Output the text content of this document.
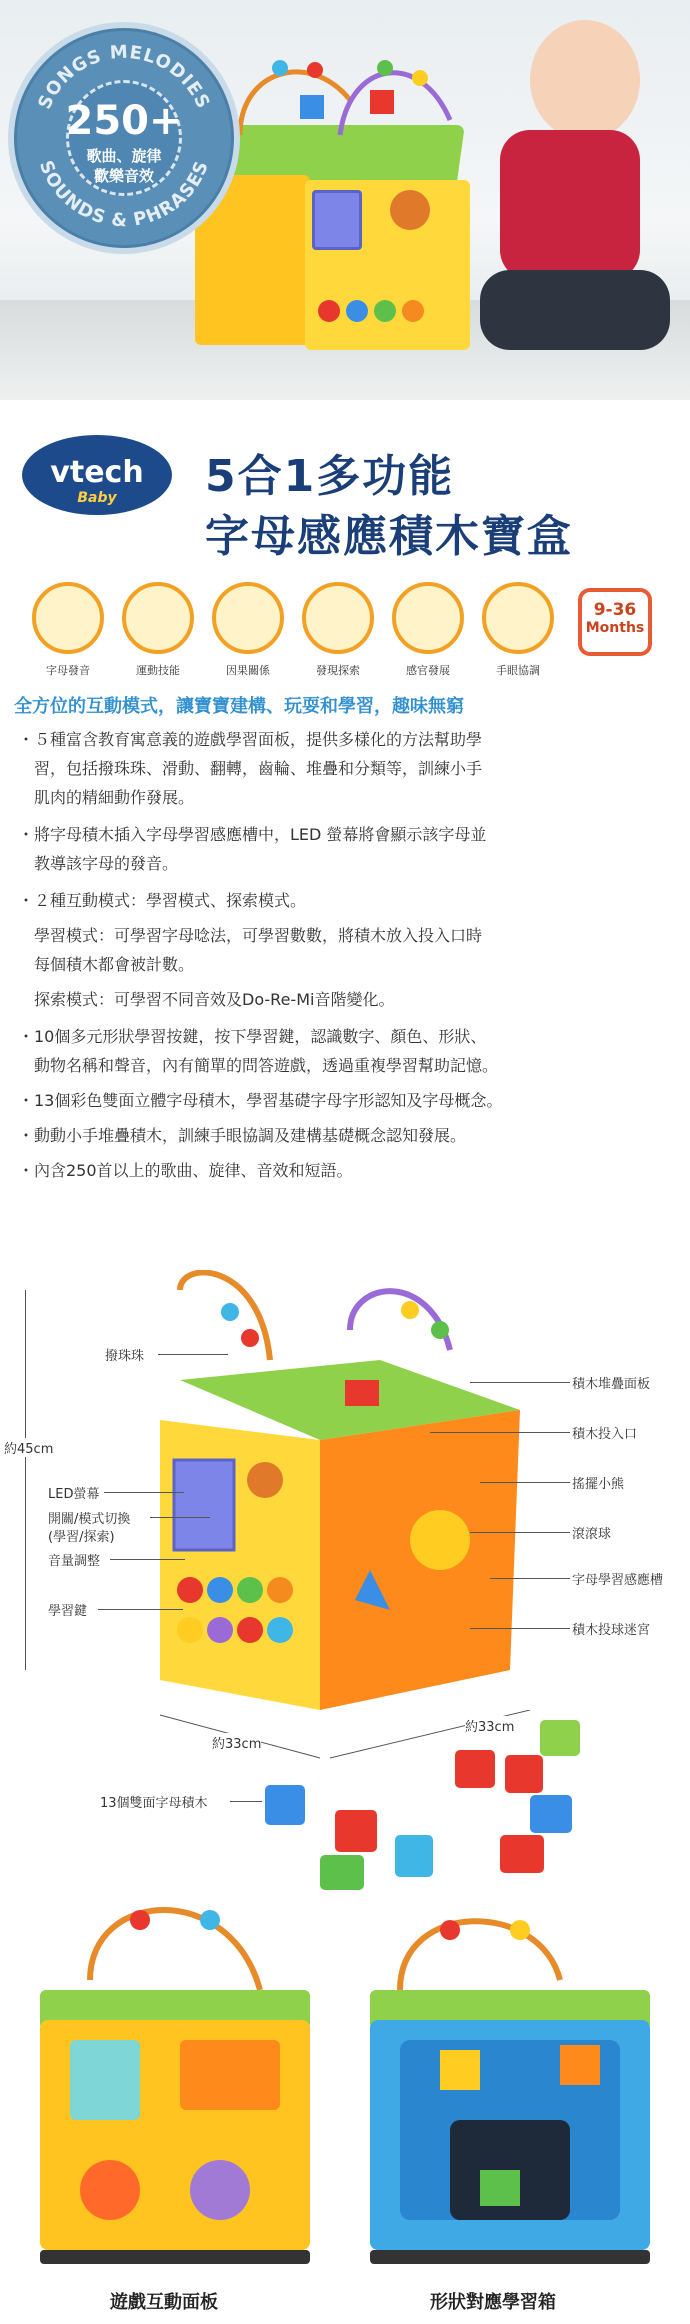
SONGS MELODIES
SOUNDS & PHRASES
250+
歌曲、旋律
歡樂音效
vtech
Baby	5合1多功能
字母感應積木寶盒
字母發音	運動技能	因果關係	發現探索	感官發展	手眼協調
9-36
Months
全方位的互動模式，讓寶寶建構、玩耍和學習，趣味無窮
・５種富含教育寓意義的遊戲學習面板，提供多樣化的方法幫助學
習，包括撥珠珠、滑動、翻轉，齒輪、堆疊和分類等，訓練小手
肌肉的精細動作發展。
・將字母積木插入字母學習感應槽中，LED 螢幕將會顯示該字母並
教導該字母的發音。
・２種互動模式：學習模式、探索模式。
學習模式：可學習字母唸法，可學習數數，將積木放入投入口時
每個積木都會被計數。
探索模式：可學習不同音效及Do-Re-Mi音階變化。
・10個多元形狀學習按鍵，按下學習鍵，認識數字、顏色、形狀、
動物名稱和聲音，內有簡單的問答遊戲，透過重複學習幫助記憶。
・13個彩色雙面立體字母積木，學習基礎字母字形認知及字母概念。
・動動小手堆疊積木，訓練手眼協調及建構基礎概念認知發展。
・內含250首以上的歌曲、旋律、音效和短語。
約45cm
撥珠珠
LED螢幕
開關/模式切換
(學習/探索)
音量調整
學習鍵
積木堆疊面板
積木投入口
搖擺小熊
滾滾球
字母學習感應槽
積木投球迷宮
約33cm
約33cm
13個雙面字母積木
遊戲互動面板	形狀對應學習箱
